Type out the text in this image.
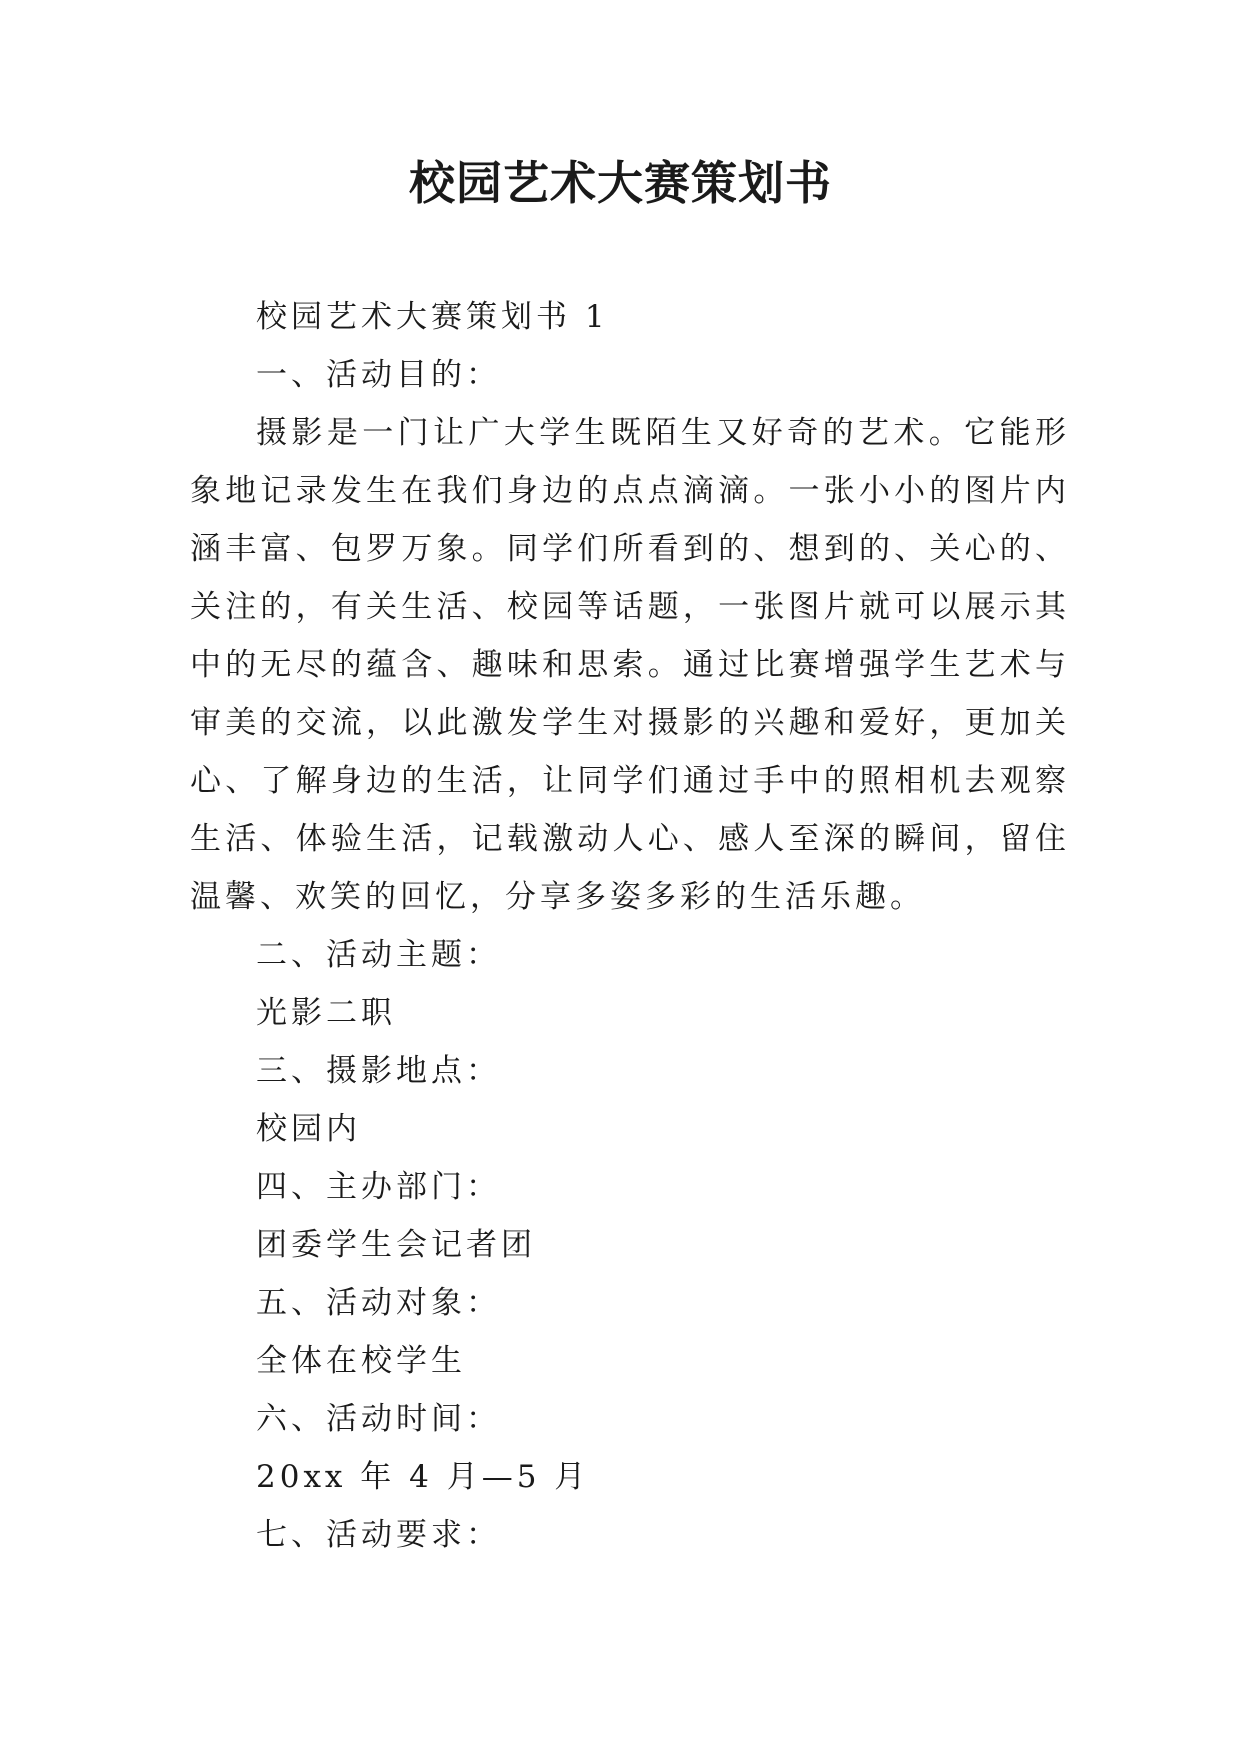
校园艺术大赛策划书

校园艺术大赛策划书 1

一、活动目的：

摄影是一门让广大学生既陌生又好奇的艺术。它能形象地记录发生在我们身边的点点滴滴。一张小小的图片内涵丰富、包罗万象。同学们所看到的、想到的、关心的、关注的，有关生活、校园等话题，一张图片就可以展示其中的无尽的蕴含、趣味和思索。通过比赛增强学生艺术与审美的交流，以此激发学生对摄影的兴趣和爱好，更加关心、了解身边的生活，让同学们通过手中的照相机去观察生活、体验生活，记载激动人心、感人至深的瞬间，留住温馨、欢笑的回忆，分享多姿多彩的生活乐趣。

二、活动主题：

光影二职

三、摄影地点：

校园内

四、主办部门：

团委学生会记者团

五、活动对象：

全体在校学生

六、活动时间：

20xx 年 4 月—5 月

七、活动要求：
